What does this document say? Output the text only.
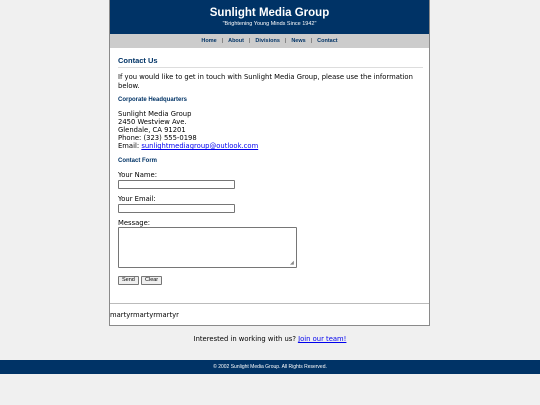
Sunlight Media Group
"Brightening Young Minds Since 1942"
Home | About | Divisions | News | Contact
Contact Us
If you would like to get in touch with Sunlight Media Group, please use the information below.
Corporate Headquarters
Sunlight Media Group
2450 Westview Ave.
Glendale, CA 91201
Phone: (323) 555-0198
Email: sunlightmediagroup@outlook.com
Contact Form
Your Name:
Your Email:
Message:
◢
Send	Clear
martyrmartyrmartyr
Interested in working with us? Join our team!
© 2002 Sunlight Media Group. All Rights Reserved.
